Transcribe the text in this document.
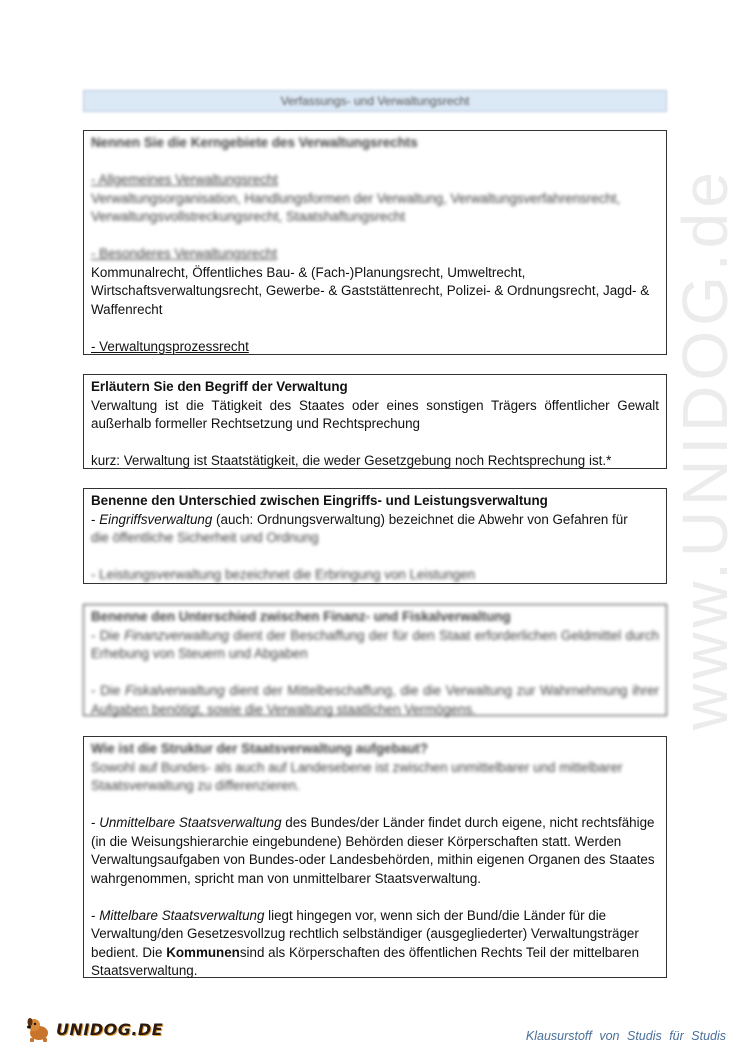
www.UNIDOG.de
Verfassungs- und Verwaltungsrecht

Nennen Sie die Kerngebiete des Verwaltungsrechts

- Allgemeines Verwaltungsrecht

Verwaltungsorganisation, Handlungsformen der Verwaltung, Verwaltungsverfahrensrecht, Verwaltungsvollstreckungsrecht, Staatshaftungsrecht

- Besonderes Verwaltungsrecht

Kommunalrecht, Öffentliches Bau- & (Fach-)Planungsrecht, Umweltrecht, Wirtschaftsverwaltungsrecht, Gewerbe- & Gaststättenrecht, Polizei- & Ordnungsrecht, Jagd- & Waffenrecht

- Verwaltungsprozessrecht

Erläutern Sie den Begriff der Verwaltung

Verwaltung ist die Tätigkeit des Staates oder eines sonstigen Trägers öffentlicher Gewalt außerhalb formeller Rechtsetzung und Rechtsprechung

kurz: Verwaltung ist Staatstätigkeit, die weder Gesetzgebung noch Rechtsprechung ist.*

Benenne den Unterschied zwischen Eingriffs- und Leistungsverwaltung

- Eingriffsverwaltung (auch: Ordnungsverwaltung) bezeichnet die Abwehr von Gefahren für

die öffentliche Sicherheit und Ordnung

- Leistungsverwaltung bezeichnet die Erbringung von Leistungen

Benenne den Unterschied zwischen Finanz- und Fiskalverwaltung

- Die Finanzverwaltung dient der Beschaffung der für den Staat erforderlichen Geldmittel durch Erhebung von Steuern und Abgaben

- Die Fiskalverwaltung dient der Mittelbeschaffung, die die Verwaltung zur Wahrnehmung ihrer Aufgaben benötigt, sowie die Verwaltung staatlichen Vermögens.

Wie ist die Struktur der Staatsverwaltung aufgebaut?

Sowohl auf Bundes- als auch auf Landesebene ist zwischen unmittelbarer und mittelbarer Staatsverwaltung zu differenzieren.

- Unmittelbare Staatsverwaltung des Bundes/der Länder findet durch eigene, nicht rechtsfähige (in die Weisungshierarchie eingebundene) Behörden dieser Körperschaften statt. Werden Verwaltungsaufgaben von Bundes-oder Landesbehörden, mithin eigenen Organen des Staates wahrgenommen, spricht man von unmittelbarer Staatsverwaltung.

- Mittelbare Staatsverwaltung liegt hingegen vor, wenn sich der Bund/die Länder für die Verwaltung/den Gesetzesvollzug rechtlich selbständiger (ausgegliederter) Verwaltungsträger bedient. Die Kommunensind als Körperschaften des öffentlichen Rechts Teil der mittelbaren Staatsverwaltung.

UNIDOG.DE	Klausurstoff von Studis für Studis
